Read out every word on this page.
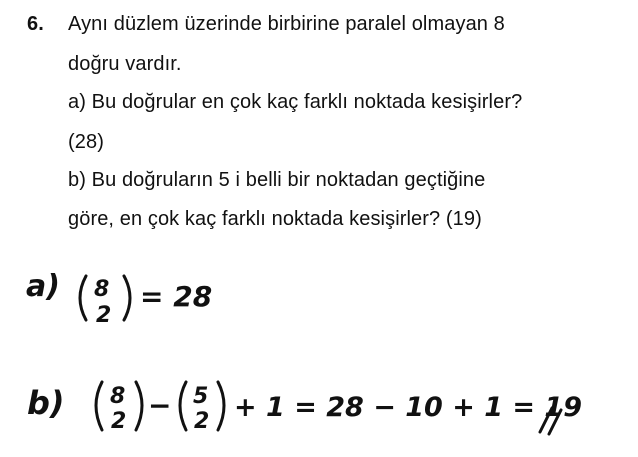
6. Aynı düzlem üzerinde birbirine paralel olmayan 8
doğru vardır.
a) Bu doğrular en çok kaç farklı noktada kesişirler?
(28)
b) Bu doğruların 5 i belli bir noktadan geçtiğine
göre, en çok kaç farklı noktada kesişirler? (19)
a) 8
2
= 28
b) 8
2 − 5
2 + 1 = 28 − 10 + 1 = 19
